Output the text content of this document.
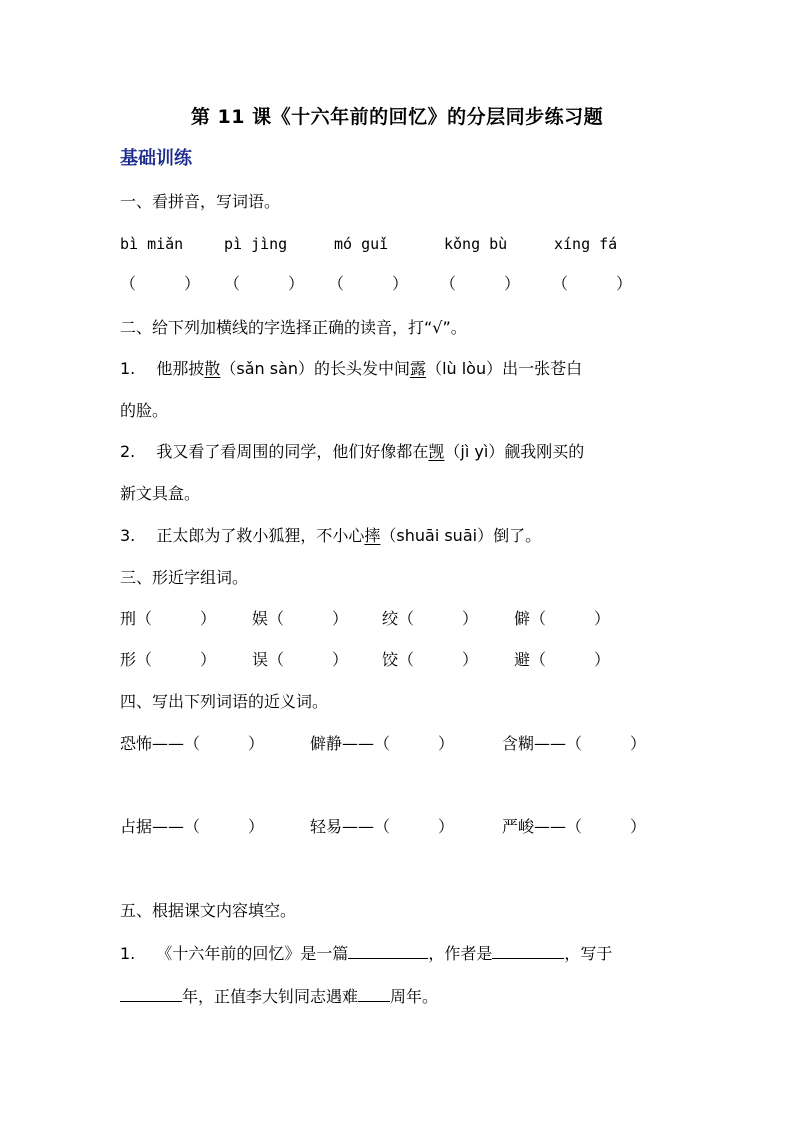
第 11 课《十六年前的回忆》的分层同步练习题
基础训练
一、看拼音，写词语。
bì miǎn	pì jìng	mó guǐ	kǒng bù	xíng fá
（　　　） （　　　） （　　　） （　　　） （　　　）
二、给下列加横线的字选择正确的读音，打“√”。
1. 他那披散（sǎn sàn）的长头发中间露（lù lòu）出一张苍白
的脸。
2. 我又看了看周围的同学，他们好像都在觊（jì yì）觎我刚买的
新文具盒。
3. 正太郎为了救小狐狸，不小心摔（shuāi suāi）倒了。
三、形近字组词。
刑（　　　） 娱（　　　） 绞（　　　） 僻（　　　）
形（　　　） 误（　　　） 饺（　　　） 避（　　　）
四、写出下列词语的近义词。
恐怖——（　　　）	僻静——（　　　）	含糊——（　　　）
占据——（　　　）	轻易——（　　　）	严峻——（　　　）
五、根据课文内容填空。
1. 《十六年前的回忆》是一篇	，作者是	，写于
年，正值李大钊同志遇难 周年。
